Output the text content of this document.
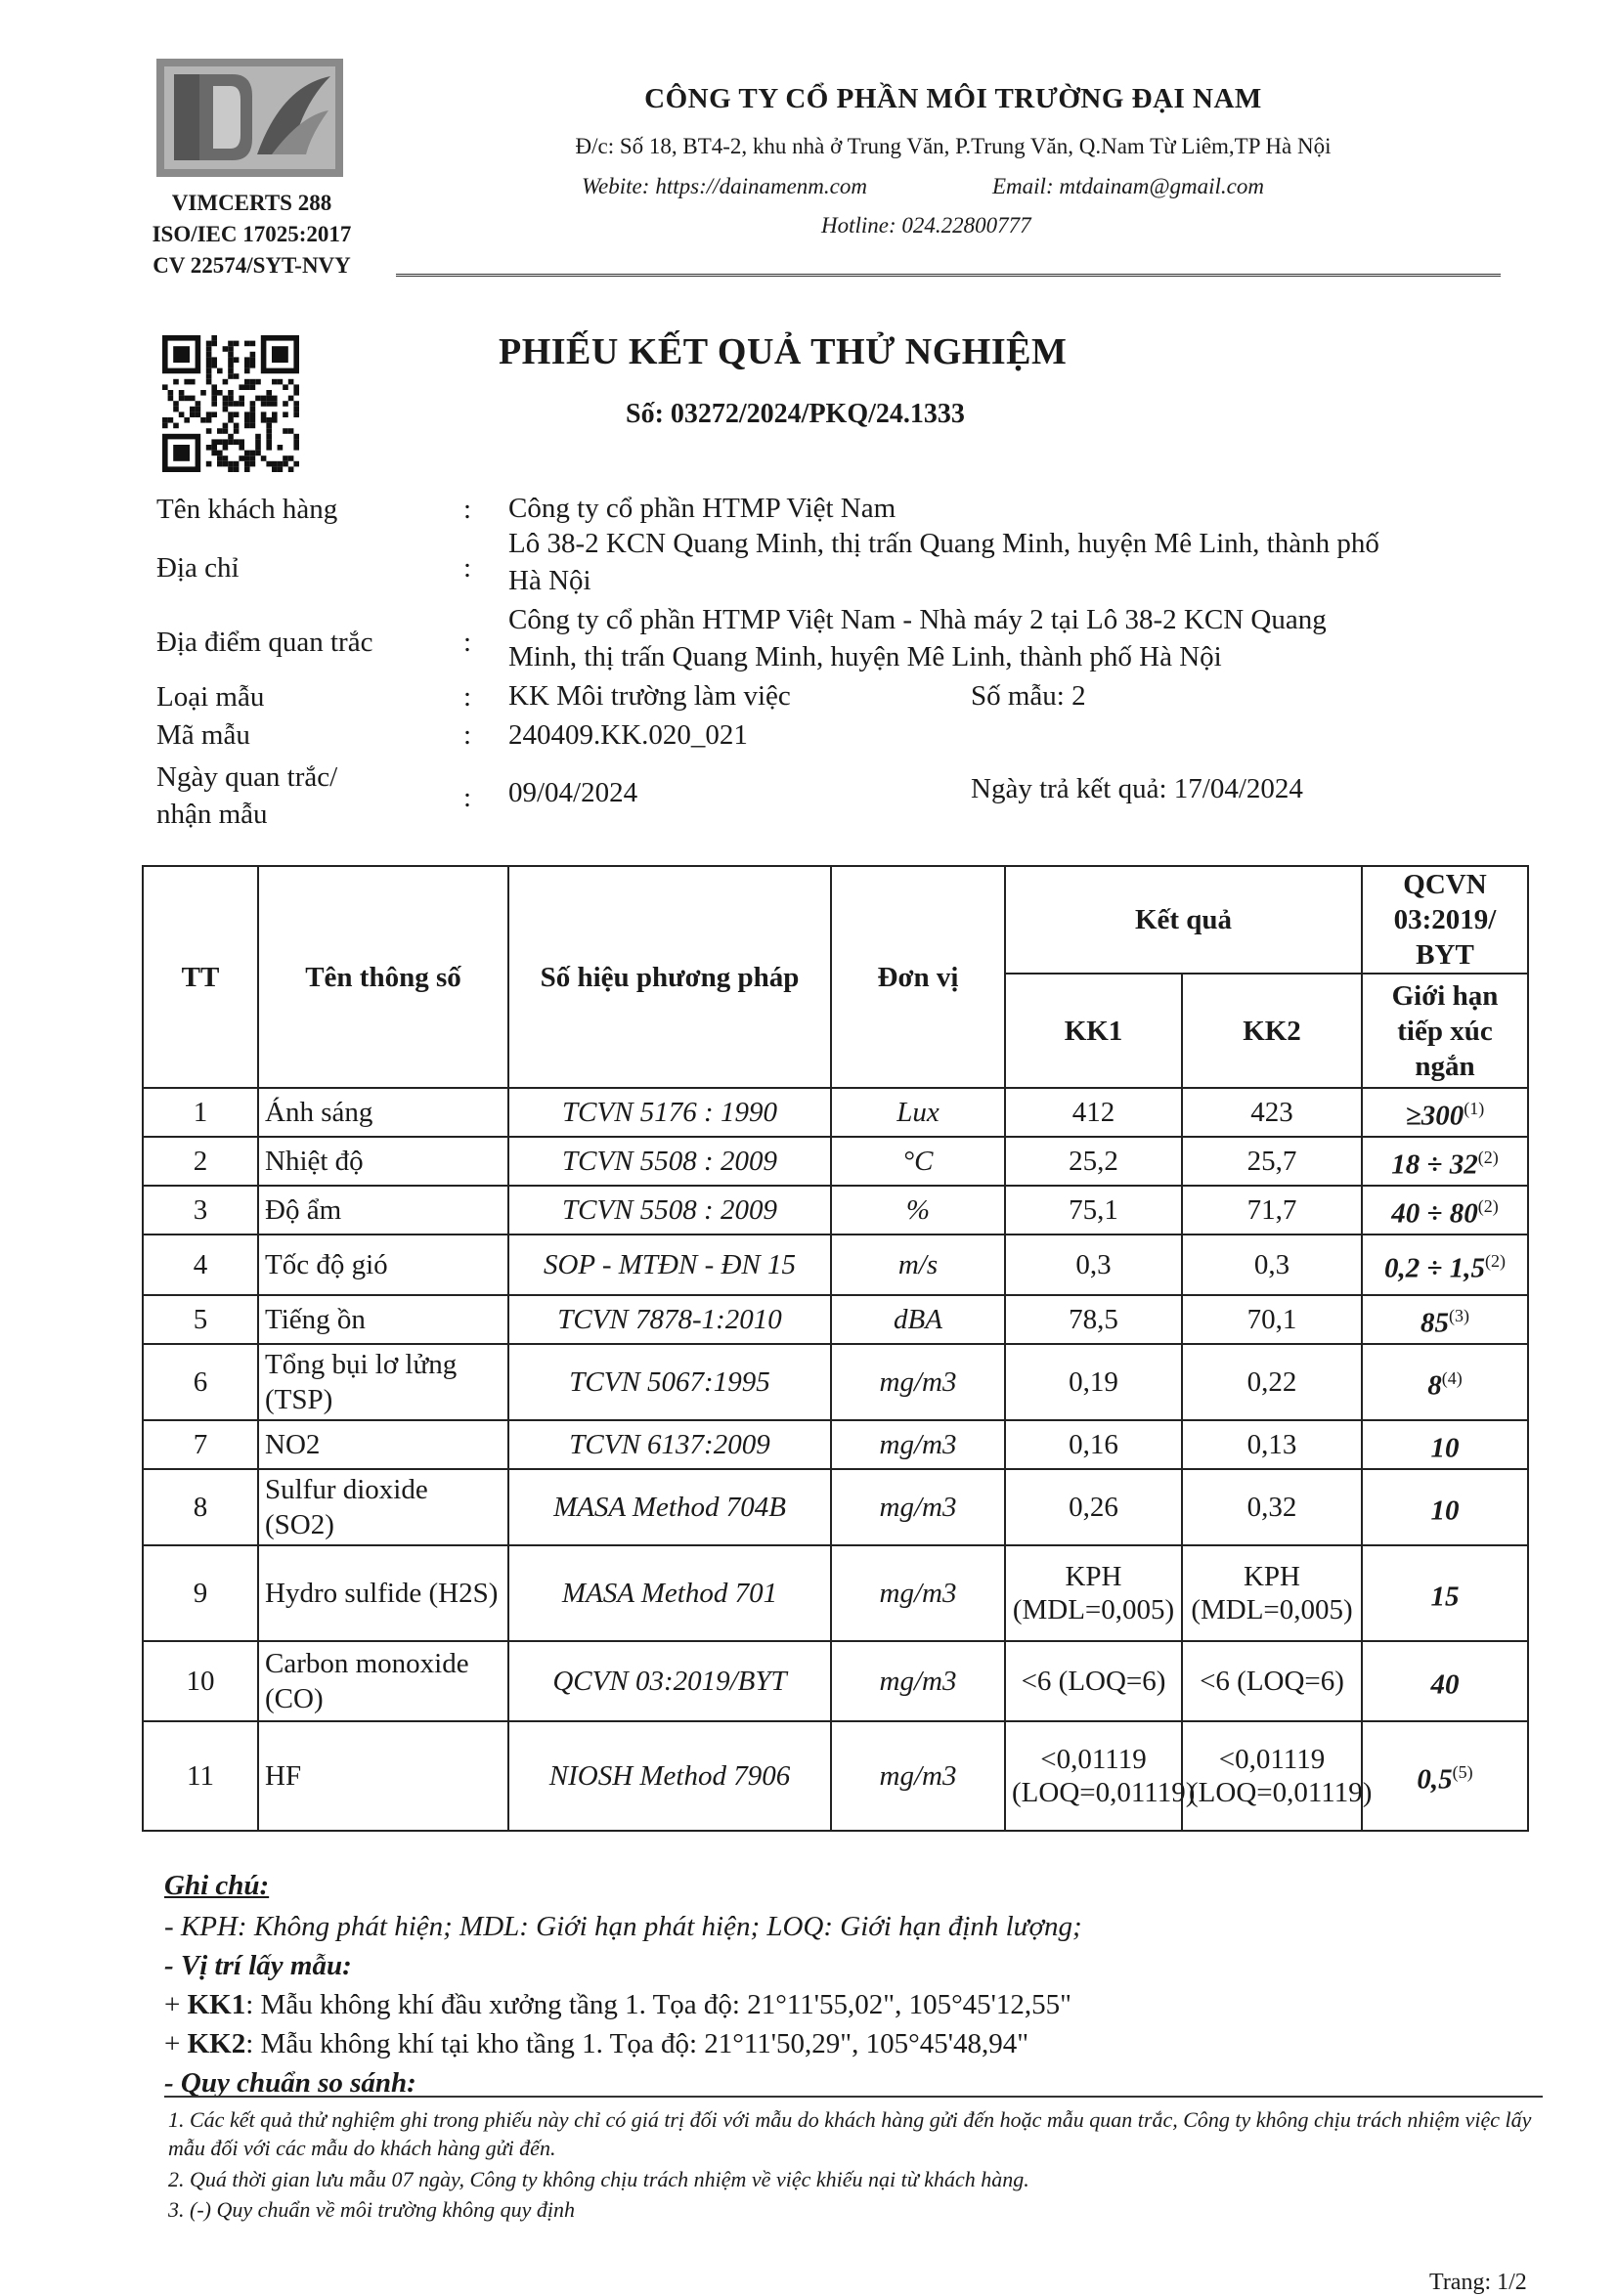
VIMCERTS 288
ISO/IEC 17025:2017
CV 22574/SYT-NVY
CÔNG TY CỔ PHẦN MÔI TRƯỜNG ĐẠI NAM
Đ/c: Số 18, BT4-2, khu nhà ở Trung Văn, P.Trung Văn, Q.Nam Từ Liêm,TP Hà Nội
Webite: https://dainamenm.com	Email: mtdainam@gmail.com
Hotline: 024.22800777
PHIẾU KẾT QUẢ THỬ NGHIỆM
Số: 03272/2024/PKQ/24.1333
Tên khách hàng	: Công ty cổ phần HTMP Việt Nam
Địa chỉ	:
Lô 38-2 KCN Quang Minh, thị trấn Quang Minh, huyện Mê Linh, thành phố
Hà Nội
Địa điểm quan trắc	:
Công ty cổ phần HTMP Việt Nam - Nhà máy 2 tại Lô 38-2 KCN Quang
Minh, thị trấn Quang Minh, huyện Mê Linh, thành phố Hà Nội
Loại mẫu	: KK Môi trường làm việc	Số mẫu: 2
Mã mẫu	: 240409.KK.020_021
Ngày quan trắc/
nhận mẫu
: 09/04/2024	Ngày trả kết quả: 17/04/2024
TT	Tên thông số	Số hiệu phương pháp	Đơn vị	Kết quả		QCVN 03:2019/ BYT
				KK1	KK2	Giới hạn tiếp xúc ngắn
1	Ánh sáng	TCVN 5176 : 1990	Lux	412	423	$\ge 300^{(1)}$
2	Nhiệt độ	TCVN 5508 : 2009	°C	25,2	25,7	$18 \div 32^{(2)}$
3	Độ ẩm	TCVN 5508 : 2009	%	75,1	71,7	$40 \div 80^{(2)}$
4	Tốc độ gió	SOP - MTĐN - ĐN 15	m/s	0,3	0,3	$0,2 \div 1,5^{(2)}$
5	Tiếng ồn	TCVN 7878-1:2010	dBA	78,5	70,1	85$^{(3)}$
6	Tổng bụi lơ lửng (TSP)	TCVN 5067:1995	mg/m3	0,19	0,22	8$^{(4)}$
7	NO2	TCVN 6137:2009	mg/m3	0,16	0,13	10
8	Sulfur dioxide (SO2)	MASA Method 704B	mg/m3	0,26	0,32	10
9	Hydro sulfide (H2S)	MASA Method 701	mg/m3	KPH (MDL=0,005)	KPH (MDL=0,005)	15
10	Carbon monoxide (CO)	QCVN 03:2019/BYT	mg/m3	<6 (LOQ=6)	<6 (LOQ=6)	40
11	HF	NIOSH Method 7906	mg/m3	<0,01119 (LOQ=0,01119)	<0,01119 (LOQ=0,01119)	0,5$^{(5)}$
Ghi chú:
- KPH: Không phát hiện; MDL: Giới hạn phát hiện; LOQ: Giới hạn định lượng;
- Vị trí lấy mẫu:
+ KK1: Mẫu không khí đầu xưởng tầng 1. Tọa độ: 21°11'55,02", 105°45'12,55"
+ KK2: Mẫu không khí tại kho tầng 1. Tọa độ: 21°11'50,29", 105°45'48,94"
- Quy chuẩn so sánh:
1. Các kết quả thử nghiệm ghi trong phiếu này chỉ có giá trị đối với mẫu do khách hàng gửi đến hoặc mẫu quan trắc, Công ty không chịu trách nhiệm việc lấy mẫu đối với các mẫu do khách hàng gửi đến.
2. Quá thời gian lưu mẫu 07 ngày, Công ty không chịu trách nhiệm về việc khiếu nại từ khách hàng.
3. (-) Quy chuẩn về môi trường không quy định
Trang: 1/2
